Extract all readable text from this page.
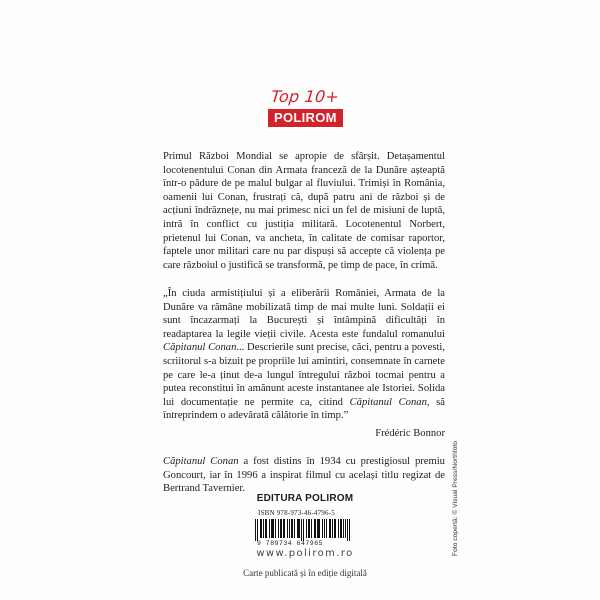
Top 10+
POLIROM

Primul Război Mondial se apropie de sfârșit. Detașamentul locotenentului Conan din Armata franceză de la Dunăre așteaptă într-o pădure de pe malul bulgar al fluviului. Trimiși în România, oamenii lui Conan, frustrați că, după patru ani de război și de acțiuni îndrăznețe, nu mai primesc nici un fel de misiuni de luptă, intră în conflict cu justiția militară. Locotenentul Norbert, prietenul lui Conan, va ancheta, în calitate de comisar raportor, faptele unor militari care nu par dispuși să accepte că violența pe care războiul o justifică se transformă, pe timp de pace, în crimă.

„În ciuda armistițiului și a eliberării României, Armata de la Dunăre va rămâne mobilizată timp de mai multe luni. Soldații ei sunt încazarmați la București și întâmpină dificultăți în readaptarea la legile vieții civile. Acesta este fundalul romanului Căpitanul Conan... Descrierile sunt precise, căci, pentru a povesti, scriitorul s-a bizuit pe propriile lui amintiri, consemnate în carnete pe care le-a ținut de-a lungul întregului război tocmai pentru a putea reconstitui în amănunt aceste instantanee ale Istoriei. Solida lui documentație ne permite ca, citind Căpitanul Conan, să întreprindem o adevărată călătorie în timp.”

Frédéric Bonnor

Căpitanul Conan a fost distins în 1934 cu prestigiosul premiu Goncourt, iar în 1996 a inspirat filmul cu același titlu regizat de Bertrand Tavernier.

EDITURA POLIROM
ISBN 978-973-46-4796-5
9 789734 647965
www.polirom.ro
Carte publicată și în ediție digitală
Foto copertă: © Visual Press/Northfoto
